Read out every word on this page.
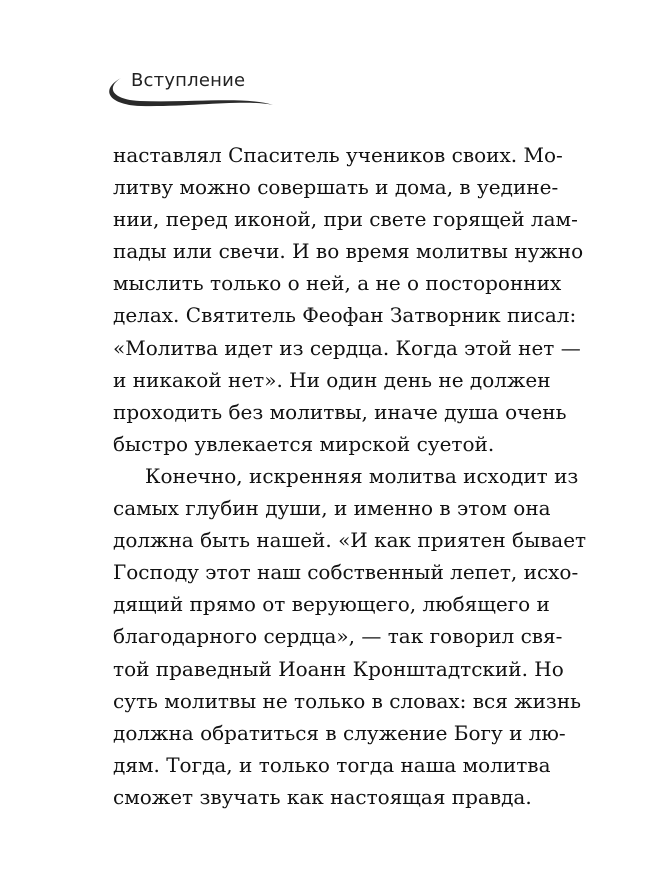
Вступление
наставлял Спаситель учеников своих. Мо-
литву можно совершать и дома, в уедине-
нии, перед иконой, при свете горящей лам-
пады или свечи. И во время молитвы нужно
мыслить только о ней, а не о посторонних
делах. Святитель Феофан Затворник писал:
«Молитва идет из сердца. Когда этой нет —
и никакой нет». Ни один день не должен
проходить без молитвы, иначе душа очень
быстро увлекается мирской суетой.
Конечно, искренняя молитва исходит из
самых глубин души, и именно в этом она
должна быть нашей. «И как приятен бывает
Господу этот наш собственный лепет, исхо-
дящий прямо от верующего, любящего и
благодарного сердца», — так говорил свя-
той праведный Иоанн Кронштадтский. Но
суть молитвы не только в словах: вся жизнь
должна обратиться в служение Богу и лю-
дям. Тогда, и только тогда наша молитва
сможет звучать как настоящая правда.
